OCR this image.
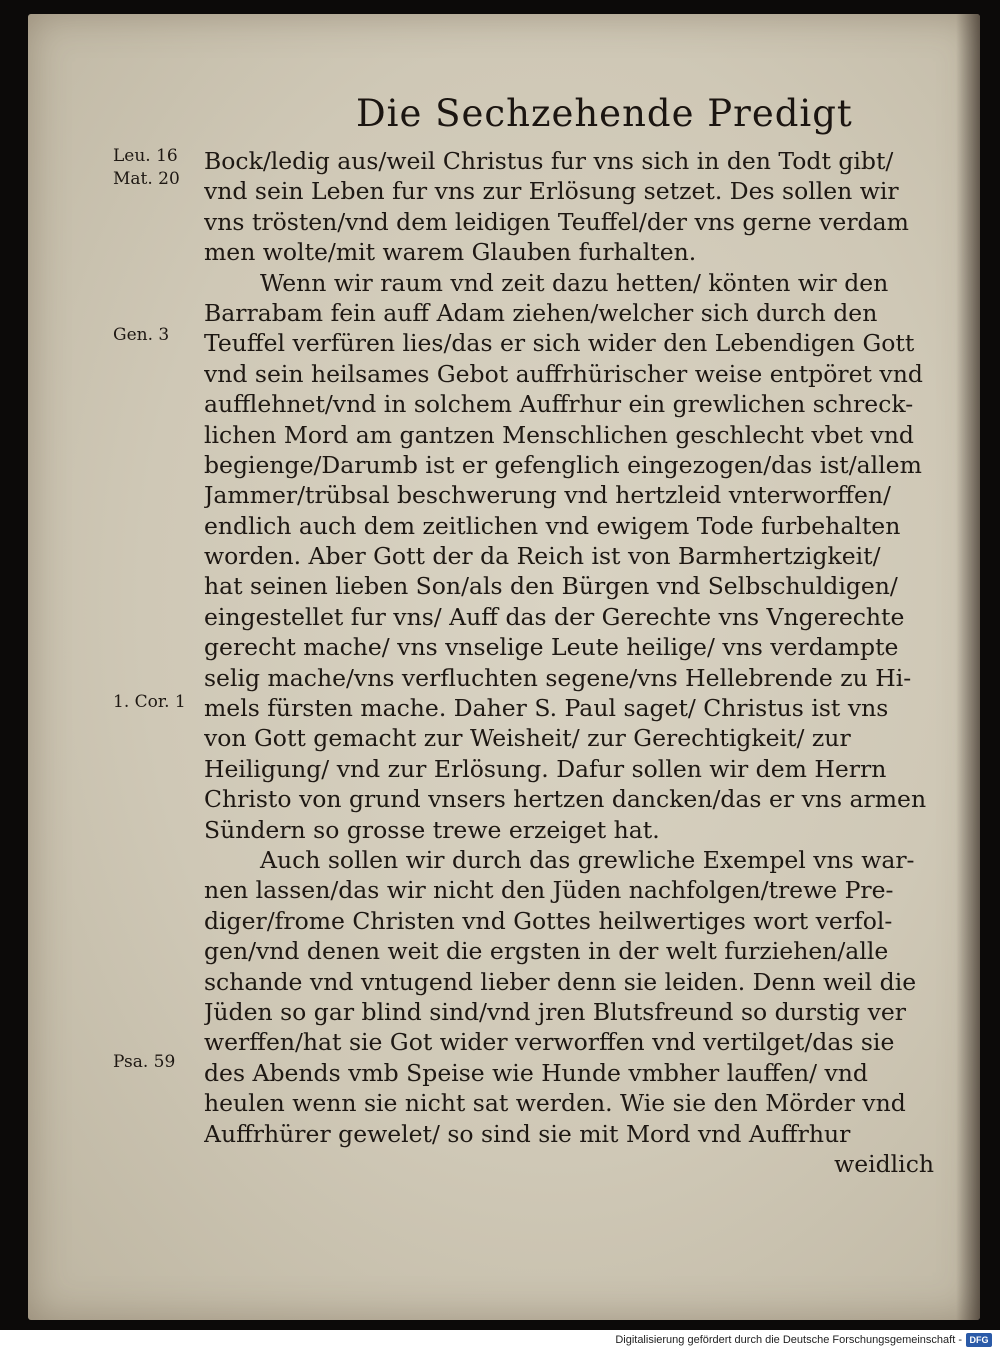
Die Sechzehende Predigt
Leu. 16
Mat. 20
Gen. 3
1. Cor. 1
Psa. 59
Bock/ledig aus/weil Christus fur vns sich in den Todt gibt/
vnd sein Leben fur vns zur Erlösung setzet. Des sollen wir
vns trösten/vnd dem leidigen Teuffel/der vns gerne verdam
men wolte/mit warem Glauben furhalten.
Wenn wir raum vnd zeit dazu hetten/ könten wir den
Barrabam fein auff Adam ziehen/welcher sich durch den
Teuffel verfüren lies/das er sich wider den Lebendigen Gott
vnd sein heilsames Gebot auffrhürischer weise entpöret vnd
aufflehnet/vnd in solchem Auffrhur ein grewlichen schreck-
lichen Mord am gantzen Menschlichen geschlecht vbet vnd
begienge/Darumb ist er gefenglich eingezogen/das ist/allem
Jammer/trübsal beschwerung vnd hertzleid vnterworffen/
endlich auch dem zeitlichen vnd ewigem Tode furbehalten
worden. Aber Gott der da Reich ist von Barmhertzigkeit/
hat seinen lieben Son/als den Bürgen vnd Selbschuldigen/
eingestellet fur vns/ Auff das der Gerechte vns Vngerechte
gerecht mache/ vns vnselige Leute heilige/ vns verdampte
selig mache/vns verfluchten segene/vns Hellebrende zu Hi-
mels fürsten mache. Daher S. Paul saget/ Christus ist vns
von Gott gemacht zur Weisheit/ zur Gerechtigkeit/ zur
Heiligung/ vnd zur Erlösung. Dafur sollen wir dem Herrn
Christo von grund vnsers hertzen dancken/das er vns armen
Sündern so grosse trewe erzeiget hat.
Auch sollen wir durch das grewliche Exempel vns war-
nen lassen/das wir nicht den Jüden nachfolgen/trewe Pre-
diger/frome Christen vnd Gottes heilwertiges wort verfol-
gen/vnd denen weit die ergsten in der welt furziehen/alle
schande vnd vntugend lieber denn sie leiden. Denn weil die
Jüden so gar blind sind/vnd jren Blutsfreund so durstig ver
werffen/hat sie Got wider verworffen vnd vertilget/das sie
des Abends vmb Speise wie Hunde vmbher lauffen/ vnd
heulen wenn sie nicht sat werden. Wie sie den Mörder vnd
Auffrhürer gewelet/ so sind sie mit Mord vnd Auffrhur
weidlich
Digitalisierung gefördert durch die Deutsche Forschungsgemeinschaft - DFG
